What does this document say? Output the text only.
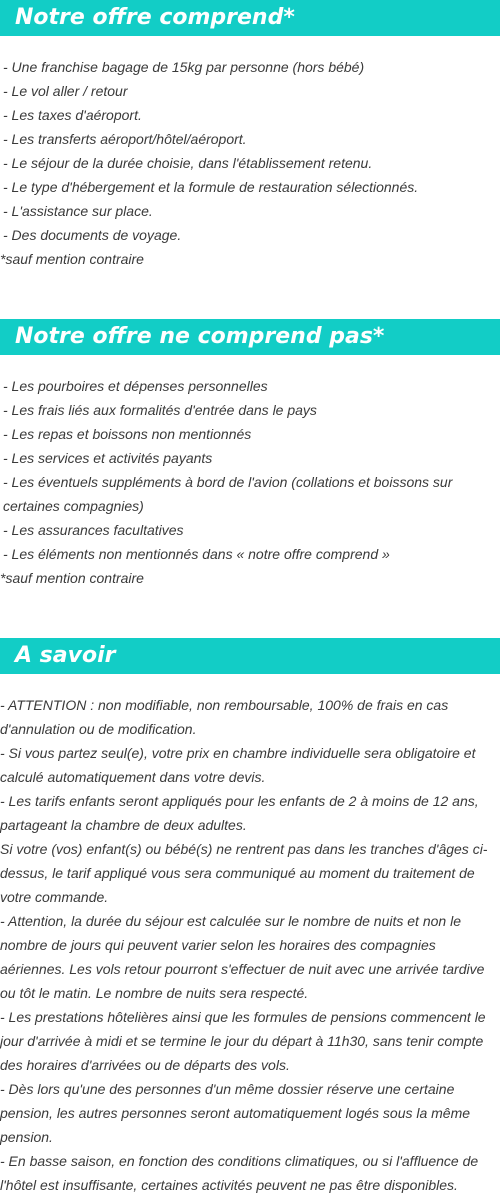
Notre offre comprend*
- Une franchise bagage de 15kg par personne (hors bébé)
- Le vol aller / retour
- Les taxes d'aéroport.
- Les transferts aéroport/hôtel/aéroport.
- Le séjour de la durée choisie, dans l'établissement retenu.
- Le type d'hébergement et la formule de restauration sélectionnés.
- L'assistance sur place.
- Des documents de voyage.
*sauf mention contraire
Notre offre ne comprend pas*
- Les pourboires et dépenses personnelles
- Les frais liés aux formalités d'entrée dans le pays
- Les repas et boissons non mentionnés
- Les services et activités payants
- Les éventuels suppléments à bord de l'avion (collations et boissons sur certaines compagnies)
- Les assurances facultatives
- Les éléments non mentionnés dans « notre offre comprend »
*sauf mention contraire
A savoir
- ATTENTION : non modifiable, non remboursable, 100% de frais en cas d'annulation ou de modification.
- Si vous partez seul(e), votre prix en chambre individuelle sera obligatoire et calculé automatiquement dans votre devis.
- Les tarifs enfants seront appliqués pour les enfants de 2 à moins de 12 ans, partageant la chambre de deux adultes.
Si votre (vos) enfant(s) ou bébé(s) ne rentrent pas dans les tranches d'âges ci-dessus, le tarif appliqué vous sera communiqué au moment du traitement de votre commande.
- Attention, la durée du séjour est calculée sur le nombre de nuits et non le nombre de jours qui peuvent varier selon les horaires des compagnies aériennes. Les vols retour pourront s'effectuer de nuit avec une arrivée tardive ou tôt le matin. Le nombre de nuits sera respecté.
- Les prestations hôtelières ainsi que les formules de pensions commencent le jour d'arrivée à midi et se termine le jour du départ à 11h30, sans tenir compte des horaires d'arrivées ou de départs des vols.
- Dès lors qu'une des personnes d'un même dossier réserve une certaine pension, les autres personnes seront automatiquement logés sous la même pension.
- En basse saison, en fonction des conditions climatiques, ou si l'affluence de l'hôtel est insuffisante, certaines activités peuvent ne pas être disponibles.
